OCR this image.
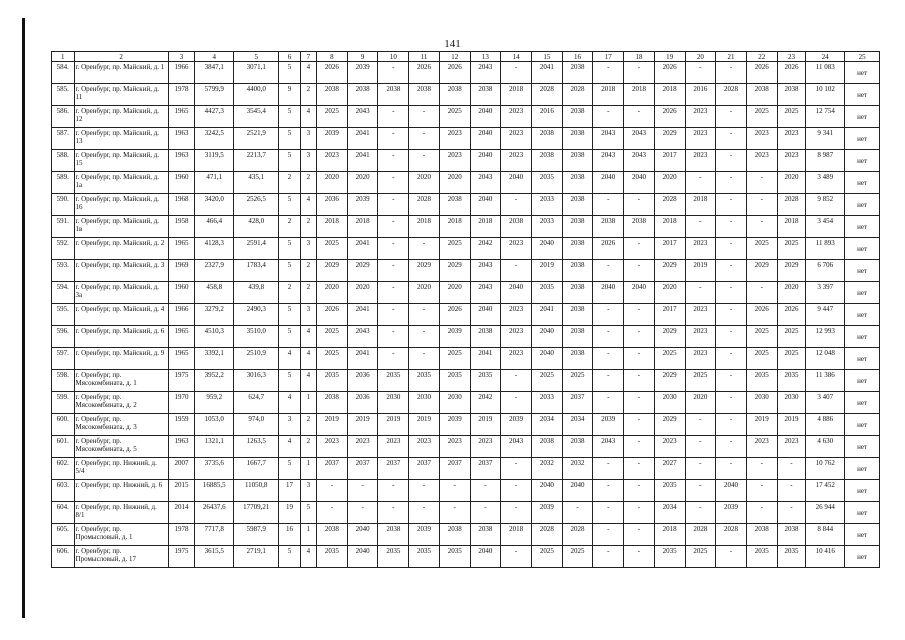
141
1	2	3	4	5	6	7	8	9	10	11	12	13	14	15	16	17	18	19	20	21	22	23	24	25
584.	г. Оренбург, пр. Майский, д. 1	1966	3847,1	3071,1	5	4	2026	2039	-	2026	2026	2043	-	2041	2038	-	-	2026	-	-	2026	2026	11 083	нет
585.	г. Оренбург, пр. Майский, д. 11	1978	5799,9	4400,0	9	2	2038	2038	2038	2038	2038	2038	2018	2028	2028	2018	2018	2018	2016	2028	2038	2038	10 102	нет
586.	г. Оренбург, пр. Майский, д. 12	1965	4427,3	3545,4	5	4	2025	2043	-	-	2025	2040	2023	2016	2038	-	-	2026	2023	-	2025	2025	12 754	нет
587.	г. Оренбург, пр. Майский, д. 13	1963	3242,5	2521,9	5	3	2039	2041	-	-	2023	2040	2023	2038	2038	2043	2043	2029	2023	-	2023	2023	9 341	нет
588.	г. Оренбург, пр. Майский, д. 15	1963	3119,5	2213,7	5	3	2023	2041	-	-	2023	2040	2023	2038	2038	2043	2043	2017	2023	-	2023	2023	8 987	нет
589.	г. Оренбург, пр. Майский, д. 1а	1960	471,1	435,1	2	2	2020	2020	-	2020	2020	2043	2040	2035	2038	2040	2040	2020	-	-	-	2020	3 489	нет
590.	г. Оренбург, пр. Майский, д. 16	1968	3420,0	2526,5	5	4	2036	2039	-	2028	2038	2040	-	2033	2038	-	-	2028	2018	-	-	2028	9 852	нет
591.	г. Оренбург, пр. Майский, д. 1в	1958	466,4	428,0	2	2	2018	2018	-	2018	2018	2018	2038	2033	2038	2038	2038	2018	-	-	-	2018	3 454	нет
592.	г. Оренбург, пр. Майский, д. 2	1965	4128,3	2591,4	5	3	2025	2041	-	-	2025	2042	2023	2040	2038	2026	-	2017	2023	-	2025	2025	11 893	нет
593.	г. Оренбург, пр. Майский, д. 3	1969	2327,9	1783,4	5	2	2029	2029	-	2029	2029	2043	-	2019	2038	-	-	2029	2019	-	2029	2029	6 706	нет
594.	г. Оренбург, пр. Майский, д. 3а	1960	458,8	439,8	2	2	2020	2020	-	2020	2020	2043	2040	2035	2038	2040	2040	2020	-	-	-	2020	3 397	нет
595.	г. Оренбург, пр. Майский, д. 4	1966	3279,2	2490,3	5	3	2026	2041	-	-	2026	2040	2023	2041	2038	-	-	2017	2023	-	2026	2026	9 447	нет
596.	г. Оренбург, пр. Майский, д. 6	1965	4510,3	3510,0	5	4	2025	2043	-	-	2039	2038	2023	2040	2038	-	-	2029	2023	-	2025	2025	12 993	нет
597.	г. Оренбург, пр. Майский, д. 9	1965	3392,1	2510,9	4	4	2025	2041	-	-	2025	2041	2023	2040	2038	-	-	2025	2023	-	2025	2025	12 048	нет
598.	г. Оренбург, пр. Мясокомбината, д. 1	1975	3952,2	3016,3	5	4	2035	2036	2035	2035	2035	2035	-	2025	2025	-	-	2029	2025	-	2035	2035	11 386	нет
599.	г. Оренбург, пр. Мясокомбината, д. 2	1970	959,2	624,7	4	1	2038	2036	2030	2030	2030	2042	-	2033	2037	-	-	2030	2020	-	2030	2030	3 407	нет
600.	г. Оренбург, пр. Мясокомбината, д. 3	1959	1053,0	974,0	3	2	2019	2019	2019	2019	2039	2019	2039	2034	2034	2039	-	2029	-	-	2019	2019	4 886	нет
601.	г. Оренбург, пр. Мясокомбината, д. 5	1963	1321,1	1263,5	4	2	2023	2023	2023	2023	2023	2023	2043	2038	2038	2043	-	2023	-	-	2023	2023	4 630	нет
602.	г. Оренбург, пр. Нижний, д. 5/4	2007	3735,6	1667,7	5	1	2037	2037	2037	2037	2037	2037	-	2032	2032	-	-	2027	-	-	-	-	10 762	нет
603.	г. Оренбург, пр. Нижний, д. 6	2015	16885,5	11050,8	17	3	-	-	-	-	-	-	-	2040	2040	-	-	2035	-	2040	-	-	17 452	нет
604.	г. Оренбург, пр. Нижний, д. 8/1	2014	26437,6	17709,21	19	5	-	-	-	-	-	-	-	2039	-	-	-	2034	-	2039	-	-	26 944	нет
605.	г. Оренбург, пр. Промысловый, д. 1	1978	7717,8	5987,9	16	1	2038	2040	2038	2039	2038	2038	2018	2028	2028	-	-	2018	2028	2028	2038	2038	8 844	нет
606.	г. Оренбург, пр. Промысловый, д. 17	1975	3615,5	2719,1	5	4	2035	2040	2035	2035	2035	2040	-	2025	2025	-	-	2035	2025	-	2035	2035	10 416	нет
